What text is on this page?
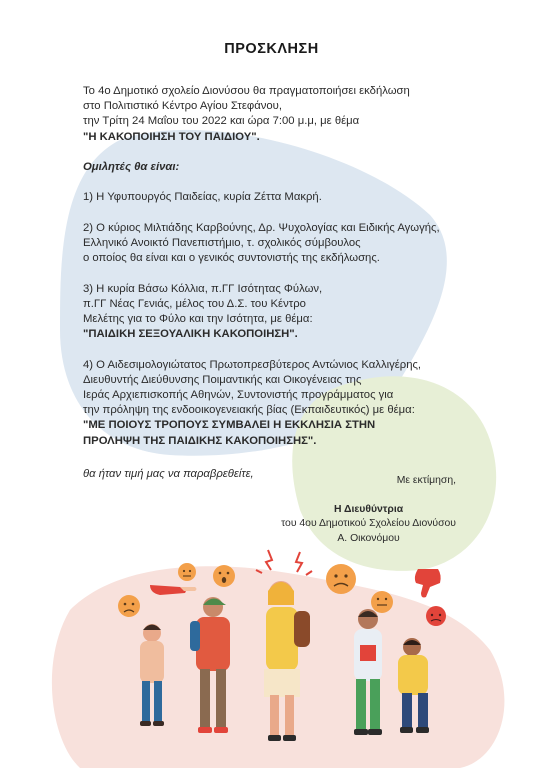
ΠΡΟΣΚΛΗΣΗ

Το 4ο Δημοτικό σχολείο Διονύσου θα πραγματοποιήσει εκδήλωση

στο Πολιτιστικό Κέντρο Αγίου Στεφάνου,

την Τρίτη 24 Μαΐου του 2022 και ώρα 7:00 μ.μ, με θέμα

"Η ΚΑΚΟΠΟΙΗΣΗ ΤΟΥ ΠΑΙΔΙΟΥ".

Ομιλητές θα είναι:

1) Η Υφυπουργός Παιδείας, κυρία Ζέττα Μακρή.

2) Ο κύριος Μιλτιάδης Καρβούνης, Δρ. Ψυχολογίας και Ειδικής Αγωγής,

Ελληνικό Ανοικτό Πανεπιστήμιο, τ. σχολικός σύμβουλος

ο οποίος θα είναι και ο γενικός συντονιστής της εκδήλωσης.

3) Η κυρία Βάσω Κόλλια, π.ΓΓ Ισότητας Φύλων,

π.ΓΓ Νέας Γενιάς, μέλος του Δ.Σ. του Κέντρο

Μελέτης για το Φύλο και την Ισότητα, με θέμα:

"ΠΑΙΔΙΚΗ ΣΕΞΟΥΑΛΙΚΗ ΚΑΚΟΠΟΙΗΣΗ".

4) Ο Αιδεσιμολογιώτατος Πρωτοπρεσβύτερος Αντώνιος Καλλιγέρης,

Διευθυντής Διεύθυνσης Ποιμαντικής και Οικογένειας της

Ιεράς Αρχιεπισκοπής Αθηνών, Συντονιστής προγράμματος για

την πρόληψη της ενδοοικογενειακής βίας (Εκπαιδευτικός) με θέμα:

"ΜΕ ΠΟΙΟΥΣ ΤΡΟΠΟΥΣ ΣΥΜΒΑΛΕΙ Η ΕΚΚΛΗΣΙΑ ΣΤΗΝ

ΠΡΟΛΗΨΗ ΤΗΣ ΠΑΙΔΙΚΗΣ ΚΑΚΟΠΟΙΗΣΗΣ".

θα ήταν τιμή μας να παραβρεθείτε,
Με εκτίμηση,
Η Διευθύντρια
του 4ου Δημοτικού Σχολείου Διονύσου
Α. Οικονόμου
